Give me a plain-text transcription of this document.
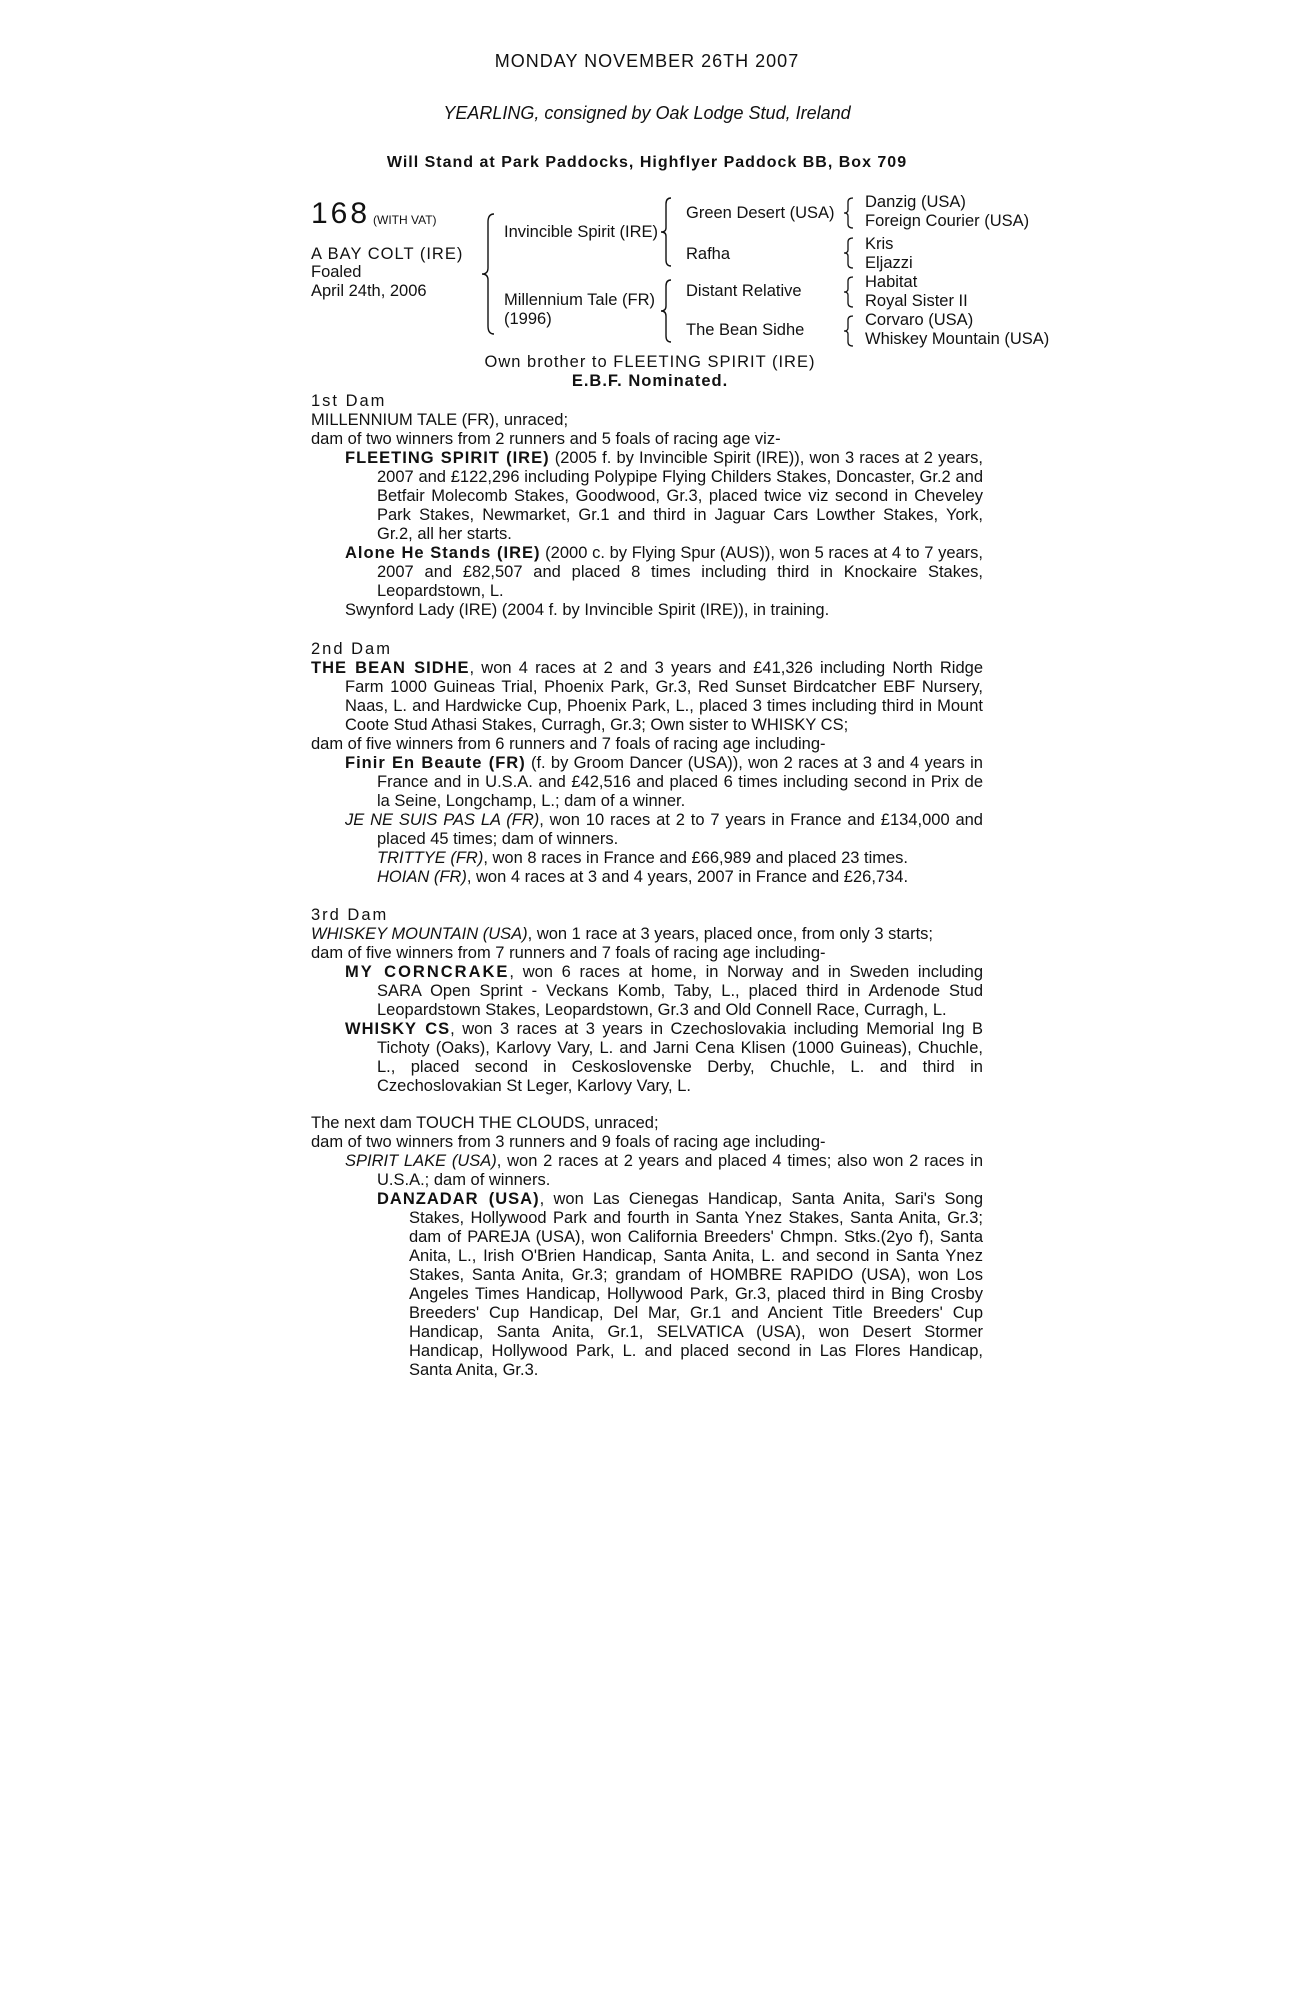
MONDAY NOVEMBER 26TH 2007
YEARLING, consigned by Oak Lodge Stud, Ireland
Will Stand at Park Paddocks, Highflyer Paddock BB, Box 709
168 (WITH VAT)
A BAY COLT (IRE)
Foaled
April 24th, 2006
Invincible Spirit (IRE)
Millennium Tale (FR)
(1996)
Green Desert (USA)
Rafha
Distant Relative
The Bean Sidhe
Danzig (USA)
Foreign Courier (USA)
Kris
Eljazzi
Habitat
Royal Sister II
Corvaro (USA)
Whiskey Mountain (USA)
Own brother to FLEETING SPIRIT (IRE)
E.B.F. Nominated.

1st Dam

MILLENNIUM TALE (FR), unraced;

dam of two winners from 2 runners and 5 foals of racing age viz-

FLEETING SPIRIT (IRE) (2005 f. by Invincible Spirit (IRE)), won 3 races at 2 years, 2007 and £122,296 including Polypipe Flying Childers Stakes, Doncaster, Gr.2 and Betfair Molecomb Stakes, Goodwood, Gr.3, placed twice viz second in Cheveley Park Stakes, Newmarket, Gr.1 and third in Jaguar Cars Lowther Stakes, York, Gr.2, all her starts.

Alone He Stands (IRE) (2000 c. by Flying Spur (AUS)), won 5 races at 4 to 7 years, 2007 and £82,507 and placed 8 times including third in Knockaire Stakes, Leopardstown, L.

Swynford Lady (IRE) (2004 f. by Invincible Spirit (IRE)), in training.

2nd Dam

THE BEAN SIDHE, won 4 races at 2 and 3 years and £41,326 including North Ridge Farm 1000 Guineas Trial, Phoenix Park, Gr.3, Red Sunset Birdcatcher EBF Nursery, Naas, L. and Hardwicke Cup, Phoenix Park, L., placed 3 times including third in Mount Coote Stud Athasi Stakes, Curragh, Gr.3; Own sister to WHISKY CS;

dam of five winners from 6 runners and 7 foals of racing age including-

Finir En Beaute (FR) (f. by Groom Dancer (USA)), won 2 races at 3 and 4 years in France and in U.S.A. and £42,516 and placed 6 times including second in Prix de la Seine, Longchamp, L.; dam of a winner.

JE NE SUIS PAS LA (FR), won 10 races at 2 to 7 years in France and £134,000 and placed 45 times; dam of winners.

TRITTYE (FR), won 8 races in France and £66,989 and placed 23 times.

HOIAN (FR), won 4 races at 3 and 4 years, 2007 in France and £26,734.

3rd Dam

WHISKEY MOUNTAIN (USA), won 1 race at 3 years, placed once, from only 3 starts;

dam of five winners from 7 runners and 7 foals of racing age including-

MY CORNCRAKE, won 6 races at home, in Norway and in Sweden including SARA Open Sprint - Veckans Komb, Taby, L., placed third in Ardenode Stud Leopardstown Stakes, Leopardstown, Gr.3 and Old Connell Race, Curragh, L.

WHISKY CS, won 3 races at 3 years in Czechoslovakia including Memorial Ing B Tichoty (Oaks), Karlovy Vary, L. and Jarni Cena Klisen (1000 Guineas), Chuchle, L., placed second in Ceskoslovenske Derby, Chuchle, L. and third in Czechoslovakian St Leger, Karlovy Vary, L.

The next dam TOUCH THE CLOUDS, unraced;

dam of two winners from 3 runners and 9 foals of racing age including-

SPIRIT LAKE (USA), won 2 races at 2 years and placed 4 times; also won 2 races in U.S.A.; dam of winners.

DANZADAR (USA), won Las Cienegas Handicap, Santa Anita, Sari's Song Stakes, Hollywood Park and fourth in Santa Ynez Stakes, Santa Anita, Gr.3; dam of PAREJA (USA), won California Breeders' Chmpn. Stks.(2yo f), Santa Anita, L., Irish O'Brien Handicap, Santa Anita, L. and second in Santa Ynez Stakes, Santa Anita, Gr.3; grandam of HOMBRE RAPIDO (USA), won Los Angeles Times Handicap, Hollywood Park, Gr.3, placed third in Bing Crosby Breeders' Cup Handicap, Del Mar, Gr.1 and Ancient Title Breeders' Cup Handicap, Santa Anita, Gr.1, SELVATICA (USA), won Desert Stormer Handicap, Hollywood Park, L. and placed second in Las Flores Handicap, Santa Anita, Gr.3.
